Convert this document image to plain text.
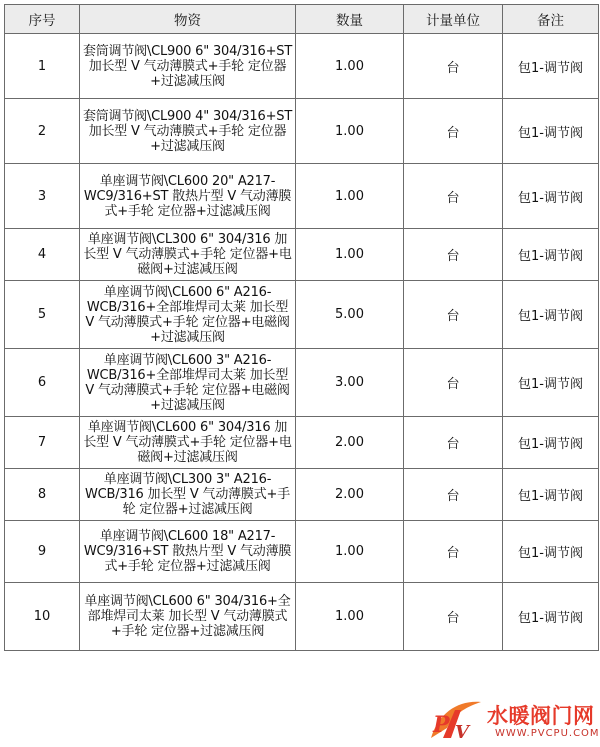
序号	物资	数量	计量单位	备注
1	套筒调节阀\CL900 6" 304/316+ST 加长型 V 气动薄膜式+手轮 定位器+过滤减压阀	1.00	台	包1-调节阀
2	套筒调节阀\CL900 4" 304/316+ST 加长型 V 气动薄膜式+手轮 定位器+过滤减压阀	1.00	台	包1-调节阀
3	单座调节阀\CL600 20" A217-WC9/316+ST 散热片型 V 气动薄膜式+手轮 定位器+过滤减压阀	1.00	台	包1-调节阀
4	单座调节阀\CL300 6" 304/316 加长型 V 气动薄膜式+手轮 定位器+电磁阀+过滤减压阀	1.00	台	包1-调节阀
5	单座调节阀\CL600 6" A216-WCB/316+全部堆焊司太莱 加长型 V 气动薄膜式+手轮 定位器+电磁阀+过滤减压阀	5.00	台	包1-调节阀
6	单座调节阀\CL600 3" A216-WCB/316+全部堆焊司太莱 加长型 V 气动薄膜式+手轮 定位器+电磁阀+过滤减压阀	3.00	台	包1-调节阀
7	单座调节阀\CL600 6" 304/316 加长型 V 气动薄膜式+手轮 定位器+电磁阀+过滤减压阀	2.00	台	包1-调节阀
8	单座调节阀\CL300 3" A216-WCB/316 加长型 V 气动薄膜式+手轮 定位器+过滤减压阀	2.00	台	包1-调节阀
9	单座调节阀\CL600 18" A217-WC9/316+ST 散热片型 V 气动薄膜式+手轮 定位器+过滤减压阀	1.00	台	包1-调节阀
10	单座调节阀\CL600 6" 304/316+全部堆焊司太莱 加长型 V 气动薄膜式+手轮 定位器+过滤减压阀	1.00	台	包1-调节阀
P V
水暖阀门网
WWW.PVCPU.COM
